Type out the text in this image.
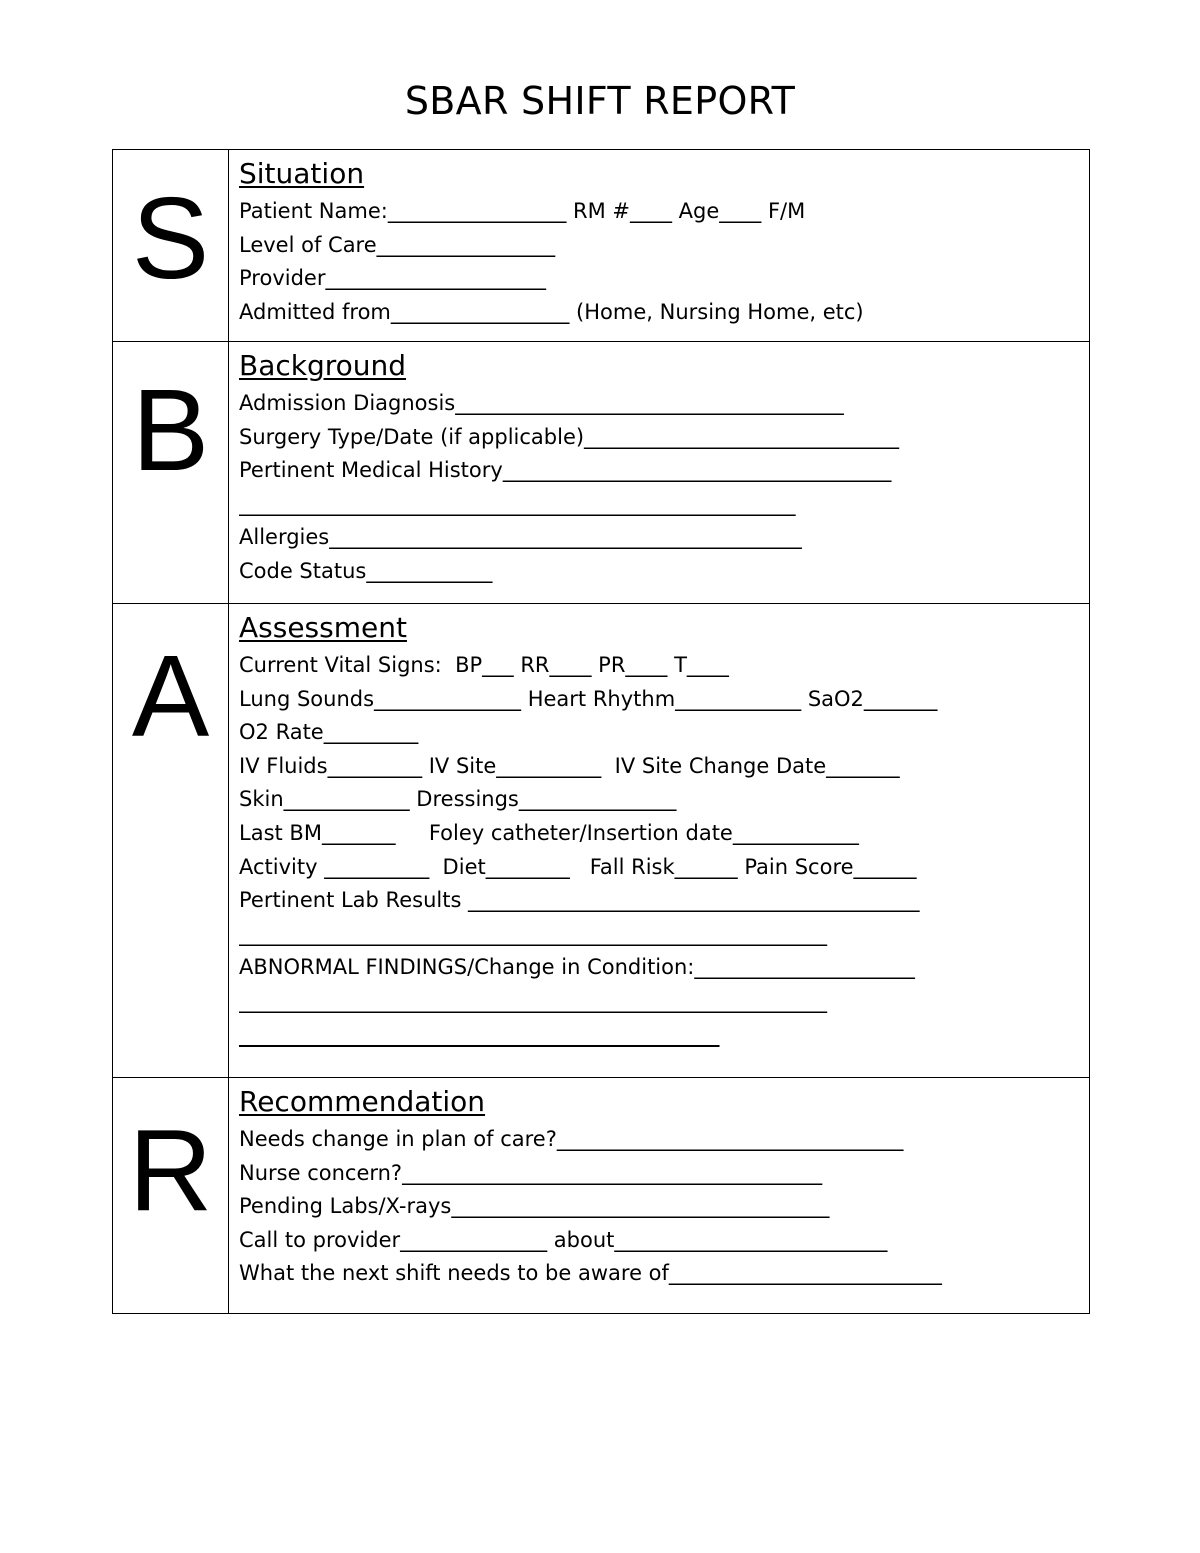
SBAR SHIFT REPORT
S	Situation
Patient Name:_________________ RM #____ Age____ F/M
Level of Care_________________
Provider_____________________
Admitted from_________________ (Home, Nursing Home, etc)
B	Background
Admission Diagnosis_____________________________________
Surgery Type/Date (if applicable)______________________________
Pertinent Medical History_____________________________________
_____________________________________________________
Allergies_____________________________________________
Code Status____________
A
Assessment
Current Vital Signs:  BP___ RR____ PR____ T____
Lung Sounds______________ Heart Rhythm____________ SaO2_______
O2 Rate_________
IV Fluids_________ IV Site__________  IV Site Change Date_______
Skin____________ Dressings_______________
Last BM_______     Foley catheter/Insertion date____________
Activity __________  Diet________   Fall Risk______ Pain Score______
Pertinent Lab Results ___________________________________________
________________________________________________________
ABNORMAL FINDINGS/Change in Condition:_____________________
________________________________________________________
________________________________________________
R
Recommendation
Needs change in plan of care?_________________________________
Nurse concern?________________________________________
Pending Labs/X-rays____________________________________
Call to provider______________ about__________________________
What the next shift needs to be aware of__________________________
